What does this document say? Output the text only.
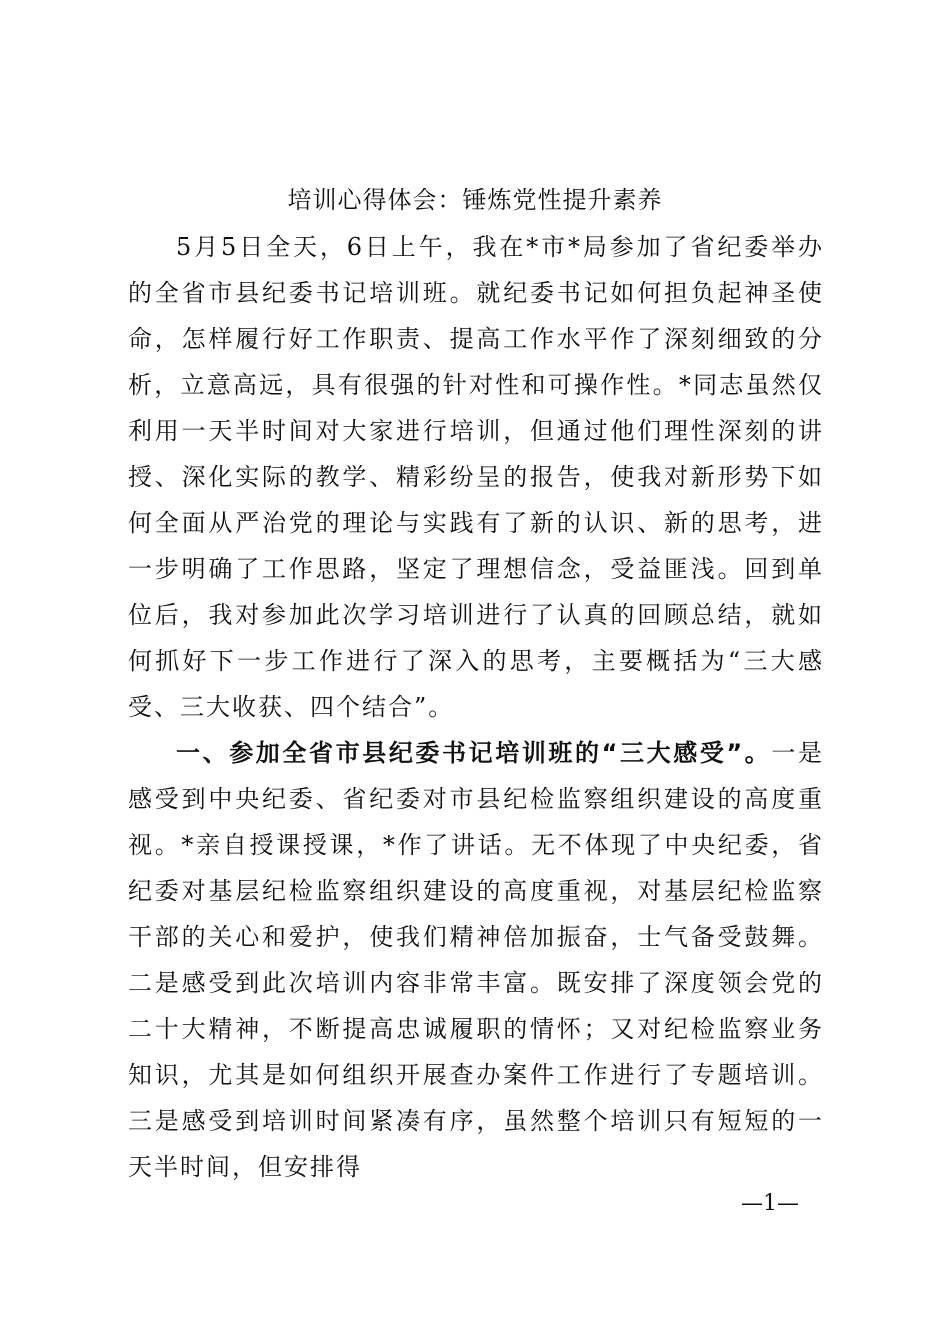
培训心得体会：锤炼党性提升素养

5月5日全天，6日上午，我在*市*局参加了省纪委举办的全省市县纪委书记培训班。就纪委书记如何担负起神圣使命，怎样履行好工作职责、提高工作水平作了深刻细致的分析，立意高远，具有很强的针对性和可操作性。*同志虽然仅利用一天半时间对大家进行培训，但通过他们理性深刻的讲授、深化实际的教学、精彩纷呈的报告，使我对新形势下如何全面从严治党的理论与实践有了新的认识、新的思考，进一步明确了工作思路，坚定了理想信念，受益匪浅。回到单位后，我对参加此次学习培训进行了认真的回顾总结，就如何抓好下一步工作进行了深入的思考，主要概括为“三大感受、三大收获、四个结合”。

一、参加全省市县纪委书记培训班的“三大感受”。一是感受到中央纪委、省纪委对市县纪检监察组织建设的高度重视。*亲自授课授课，*作了讲话。无不体现了中央纪委，省纪委对基层纪检监察组织建设的高度重视，对基层纪检监察干部的关心和爱护，使我们精神倍加振奋，士气备受鼓舞。二是感受到此次培训内容非常丰富。既安排了深度领会党的二十大精神，不断提高忠诚履职的情怀；又对纪检监察业务知识，尤其是如何组织开展查办案件工作进行了专题培训。三是感受到培训时间紧凑有序，虽然整个培训只有短短的一天半时间，但安排得

—1—
